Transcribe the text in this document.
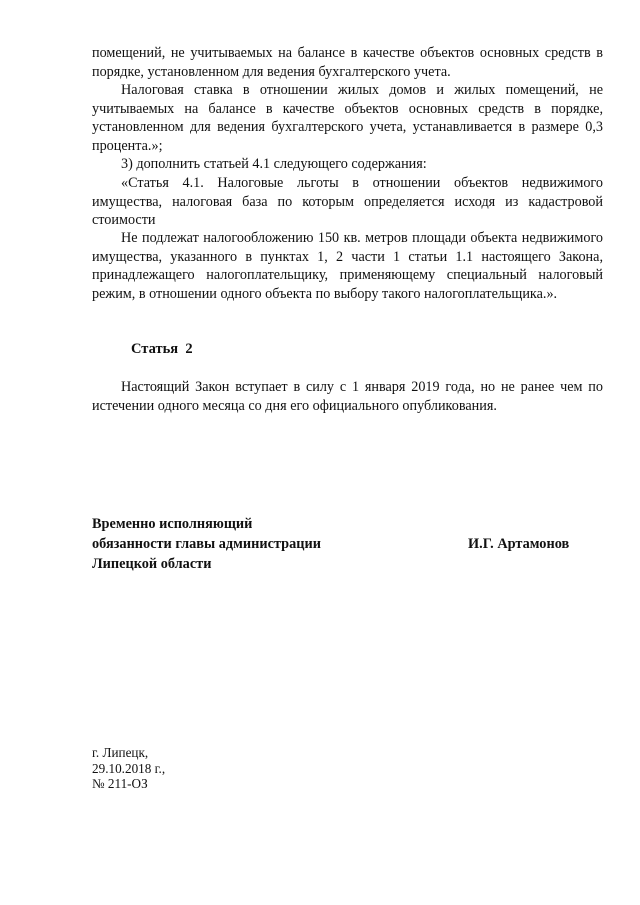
помещений, не учитываемых на балансе в качестве объектов основных средств в порядке, установленном для ведения бухгалтерского учета.

Налоговая ставка в отношении жилых домов и жилых помещений, не учитываемых на балансе в качестве объектов основных средств в порядке, установленном для ведения бухгалтерского учета, устанавливается в размере 0,3 процента.»;

3) дополнить статьей 4.1 следующего содержания:

«Статья 4.1. Налоговые льготы в отношении объектов недвижимого имущества, налоговая база по которым определяется исходя из кадастровой стоимости

Не подлежат налогообложению 150 кв. метров площади объекта недвижимого имущества, указанного в пунктах 1, 2 части 1 статьи 1.1 настоящего Закона, принадлежащего налогоплательщику, применяющему специальный налоговый режим, в отношении одного объекта по выбору такого налогоплательщика.».

Статья  2

Настоящий Закон вступает в силу с 1 января 2019 года, но не ранее чем по истечении одного месяца со дня его официального опубликования.

Временно исполняющий
обязанности главы администрации
Липецкой области
И.Г. Артамонов
г. Липецк,
29.10.2018 г.,
№ 211-ОЗ
